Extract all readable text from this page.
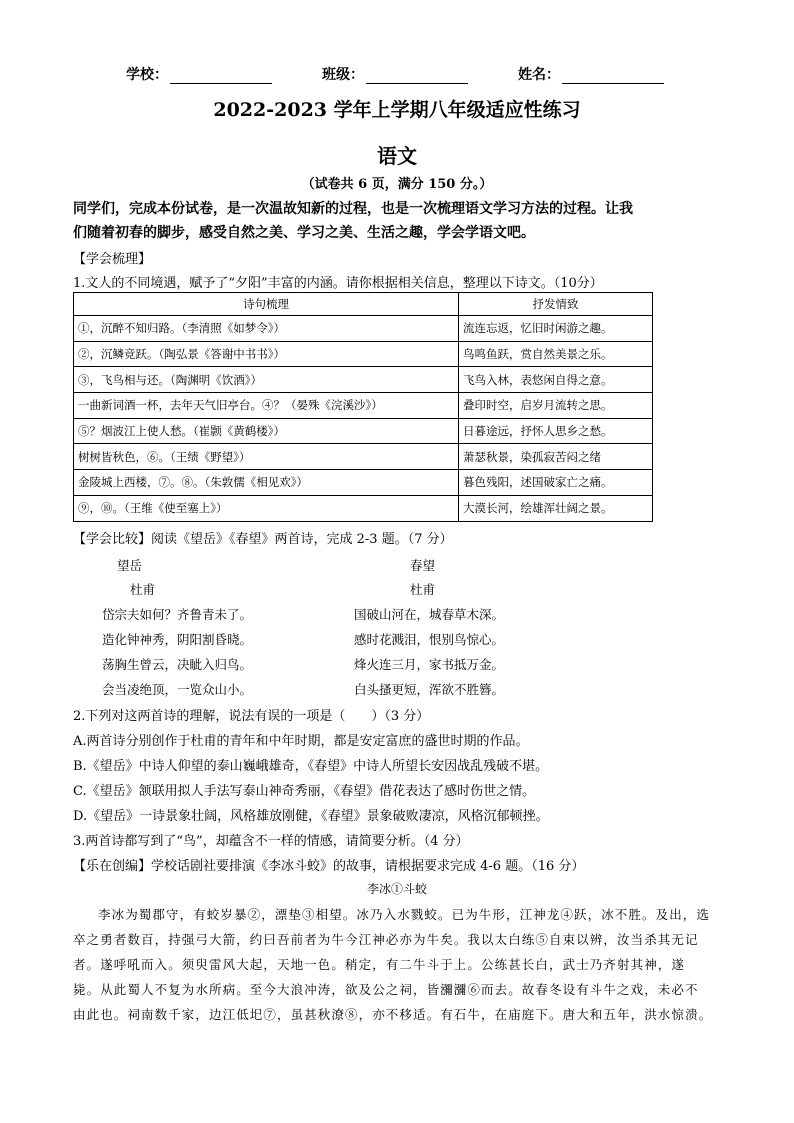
学校：	班级：	姓名：
2022-2023 学年上学期八年级适应性练习
语文
（试卷共 6 页，满分 150 分。）
同学们，完成本份试卷，是一次温故知新的过程，也是一次梳理语文学习方法的过程。让我
们随着初春的脚步，感受自然之美、学习之美、生活之趣，学会学语文吧。
【学会梳理】
1.文人的不同境遇，赋予了“夕阳”丰富的内涵。请你根据相关信息，整理以下诗文。（10分）
诗句梳理	抒发情致
①，沉醉不知归路。（李清照《如梦令》）	流连忘返，忆旧时闲游之趣。
②，沉鳞竞跃。（陶弘景《答谢中书书》）	鸟鸣鱼跃，赏自然美景之乐。
③，飞鸟相与还。（陶渊明《饮酒》）	飞鸟入林，表悠闲自得之意。
一曲新词酒一杯，去年天气旧亭台。④？（晏殊《浣溪沙》）	叠印时空，启岁月流转之思。
⑤？烟波江上使人愁。（崔颢《黄鹤楼》）	日暮途远，抒怀人思乡之愁。
树树皆秋色，⑥。（王绩《野望》）	萧瑟秋景，染孤寂苦闷之绪
金陵城上西楼，⑦。⑧。（朱敦儒《相见欢》）	暮色残阳，述国破家亡之痛。
⑨，⑩。（王维《使至塞上》）	大漠长河，绘雄浑壮阔之景。
【学会比较】阅读《望岳》《春望》两首诗，完成 2-3 题。（7 分）
望岳
杜甫
岱宗夫如何？齐鲁青未了。
造化钟神秀，阴阳割昏晓。
荡胸生曾云，决眦入归鸟。
会当凌绝顶，一览众山小。
春望
杜甫
国破山河在，城春草木深。
感时花溅泪，恨别鸟惊心。
烽火连三月，家书抵万金。
白头搔更短，浑欲不胜簪。
2.下列对这两首诗的理解，说法有误的一项是（　　）（3 分）
A.两首诗分别创作于杜甫的青年和中年时期，都是安定富庶的盛世时期的作品。
B.《望岳》中诗人仰望的泰山巍峨雄奇，《春望》中诗人所望长安因战乱残破不堪。
C.《望岳》颔联用拟人手法写泰山神奇秀丽，《春望》借花表达了感时伤世之情。
D.《望岳》一诗景象壮阔，风格雄放刚健，《春望》景象破败凄凉，风格沉郁顿挫。
3.两首诗都写到了“鸟”，却蕴含不一样的情感，请简要分析。（4 分）
【乐在创编】学校话剧社要排演《李冰斗蛟》的故事，请根据要求完成 4-6 题。（16 分）
李冰①斗蛟
李冰为蜀郡守，有蛟岁暴②，漂垫③相望。冰乃入水戮蛟。已为牛形，江神龙④跃，冰不胜。及出，选
卒之勇者数百，持强弓大箭，约曰吾前者为牛今江神必亦为牛矣。我以太白练⑤自束以辨，汝当杀其无记
者。遂呼吼而入。须臾雷风大起，天地一色。稍定，有二牛斗于上。公练甚长白，武士乃齐射其神，遂
毙。从此蜀人不复为水所病。至今大浪冲涛，欲及公之祠，皆瀰瀰⑥而去。故春冬设有斗牛之戏，未必不
由此也。祠南数千家，边江低圯⑦，虽甚秋潦⑧，亦不移适。有石牛，在庙庭下。唐大和五年，洪水惊溃。
